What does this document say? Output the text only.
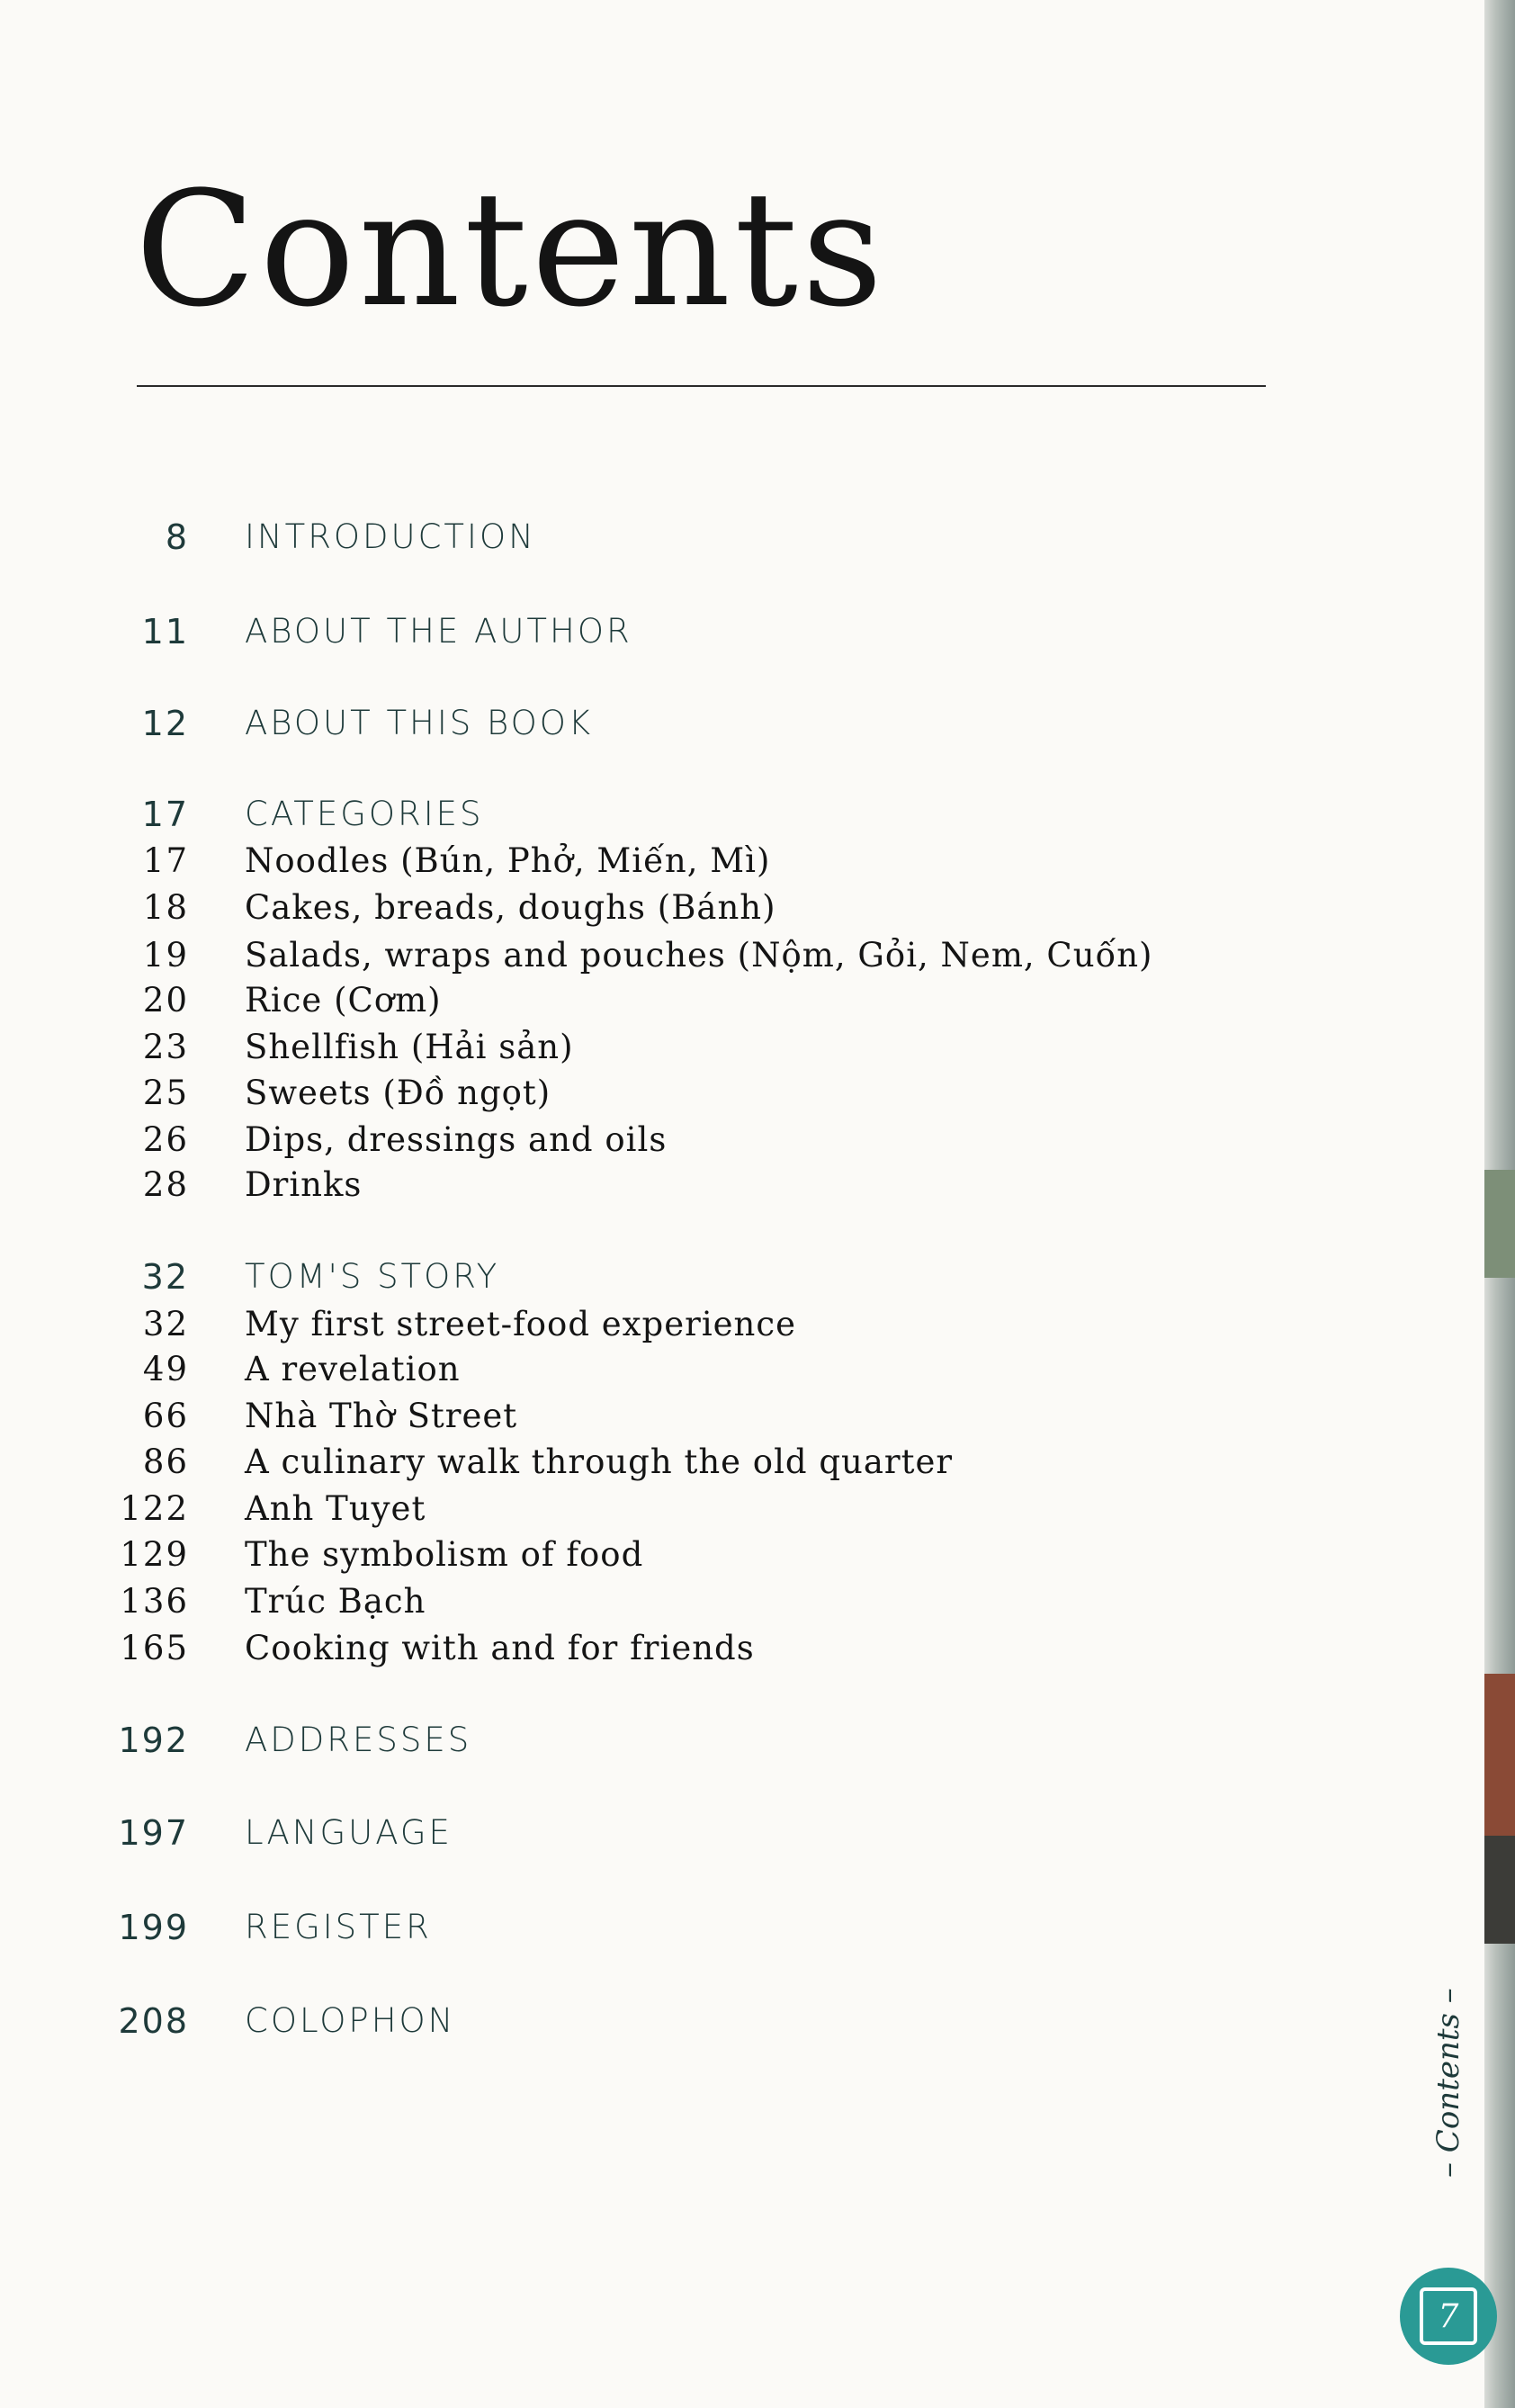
Contents
8 INTRODUCTION
11 ABOUT THE AUTHOR
12 ABOUT THIS BOOK
17 CATEGORIES
17 Noodles (Bún, Phở, Miến, Mì)
18 Cakes, breads, doughs (Bánh)
19 Salads, wraps and pouches (Nộm, Gỏi, Nem, Cuốn)
20 Rice (Cơm)
23 Shellfish (Hải sản)
25 Sweets (Đồ ngọt)
26 Dips, dressings and oils
28 Drinks
32 TOM'S STORY
32 My first street-food experience
49 A revelation
66 Nhà Thờ Street
86 A culinary walk through the old quarter
122 Anh Tuyet
129 The symbolism of food
136 Trúc Bạch
165 Cooking with and for friends
192 ADDRESSES
197 LANGUAGE
199 REGISTER
208 COLOPHON	– Contents –
7
